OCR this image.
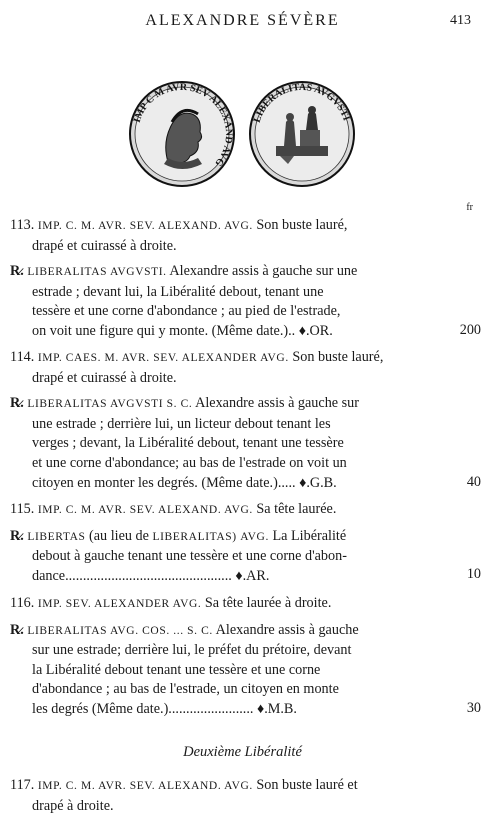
ALEXANDRE SÉVÈRE	413
IMP C M AVR SEV ALEXAND AVG
LIBERALITAS AVGVSTI
fr
113. IMP. C. M. AVR. SEV. ALEXAND. AVG. Son buste lauré,
drapé et cuirassé à droite.
R̷. LIBERALITAS AVGVSTI. Alexandre assis à gauche sur une
estrade ; devant lui, la Libéralité debout, tenant une
tessère et une corne d'abondance ; au pied de l'estrade,
on voit une figure qui y monte. (Même date.).. ♦.OR.	200
114. IMP. CAES. M. AVR. SEV. ALEXANDER AVG. Son buste lauré,
drapé et cuirassé à droite.
R̷. LIBERALITAS AVGVSTI S. C. Alexandre assis à gauche sur
une estrade ; derrière lui, un licteur debout tenant les
verges ; devant, la Libéralité debout, tenant une tessère
et une corne d'abondance; au bas de l'estrade on voit un
citoyen en monter les degrés. (Même date.)..... ♦.G.B.	40
115. IMP. C. M. AVR. SEV. ALEXAND. AVG. Sa tête laurée.
R̷. LIBERTAS (au lieu de LIBERALITAS) AVG. La Libéralité
debout à gauche tenant une tessère et une corne d'abon-
dance............................................... ♦.AR.	10
116. IMP. SEV. ALEXANDER AVG. Sa tête laurée à droite.
R̷. LIBERALITAS AVG. COS. ... S. C. Alexandre assis à gauche
sur une estrade; derrière lui, le préfet du prétoire, devant
la Libéralité debout tenant une tessère et une corne
d'abondance ; au bas de l'estrade, un citoyen en monte
les degrés (Même date.)........................ ♦.M.B.	30
Deuxième Libéralité
117. IMP. C. M. AVR. SEV. ALEXAND. AVG. Son buste lauré et
drapé à droite.
